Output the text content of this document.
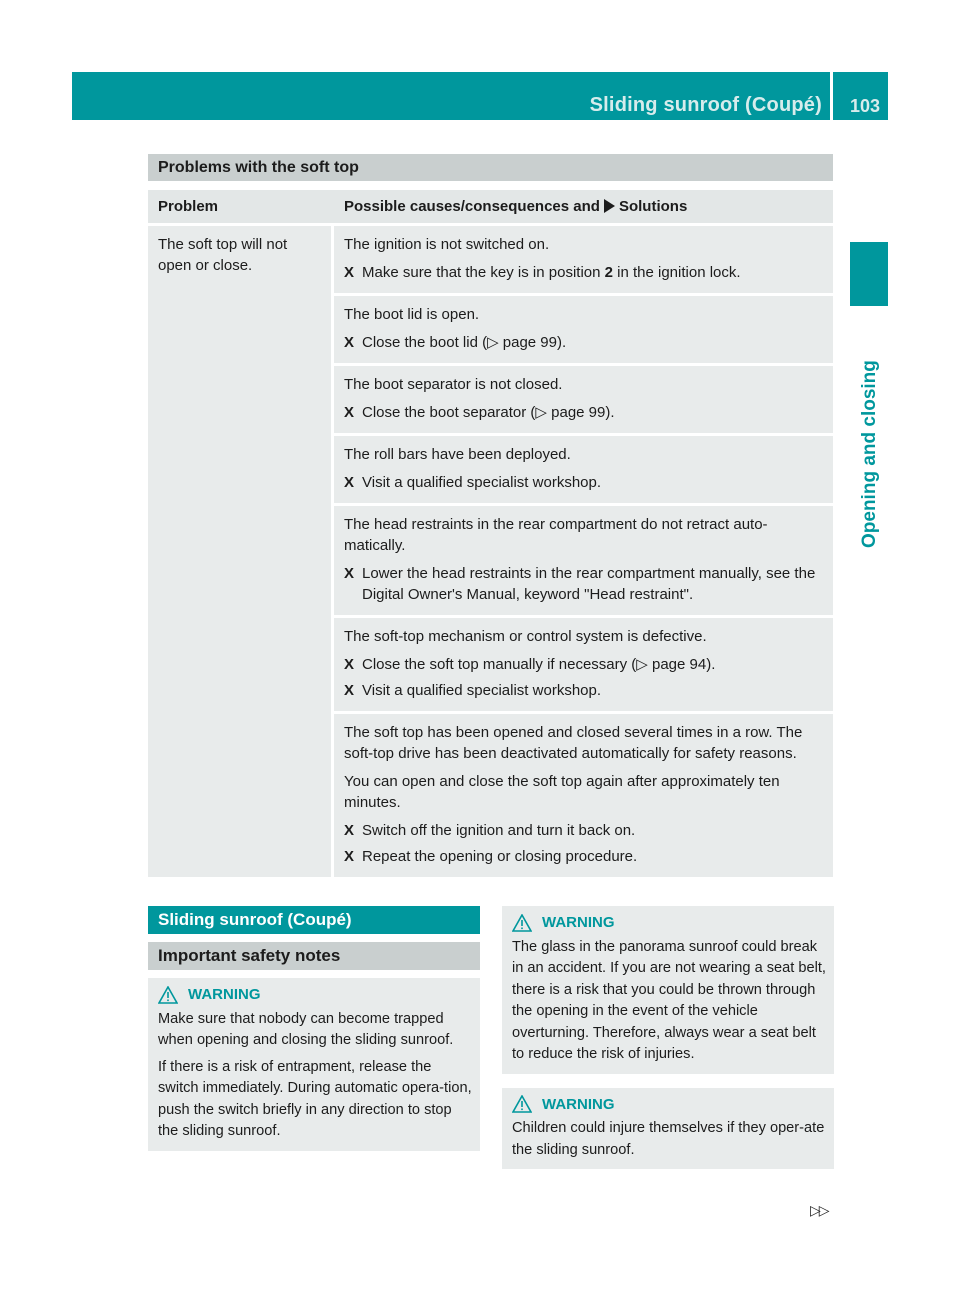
Sliding sunroof (Coupé) 103
Opening and closing
Problems with the soft top
Problem	Possible causes/consequences and Solutions
The soft top will not open or close.

The ignition is not switched on.

X Make sure that the key is in position 2 in the ignition lock.

The boot lid is open.

X Close the boot lid (▷ page 99).

The boot separator is not closed.

X Close the boot separator (▷ page 99).

The roll bars have been deployed.

X Visit a qualified specialist workshop.

The head restraints in the rear compartment do not retract auto-matically.

X Lower the head restraints in the rear compartment manually, see the Digital Owner's Manual, keyword "Head restraint".

The soft-top mechanism or control system is defective.

X Close the soft top manually if necessary (▷ page 94).
X Visit a qualified specialist workshop.

The soft top has been opened and closed several times in a row. The soft-top drive has been deactivated automatically for safety reasons.

You can open and close the soft top again after approximately ten minutes.

X Switch off the ignition and turn it back on.
X Repeat the opening or closing procedure.
Sliding sunroof (Coupé)
Important safety notes
WARNING

Make sure that nobody can become trapped when opening and closing the sliding sunroof.

If there is a risk of entrapment, release the switch immediately. During automatic opera-tion, push the switch briefly in any direction to stop the sliding sunroof.

WARNING

The glass in the panorama sunroof could break in an accident. If you are not wearing a seat belt, there is a risk that you could be thrown through the opening in the event of the vehicle overturning. Therefore, always wear a seat belt to reduce the risk of injuries.

WARNING

Children could injure themselves if they oper-ate the sliding sunroof.

▷▷
